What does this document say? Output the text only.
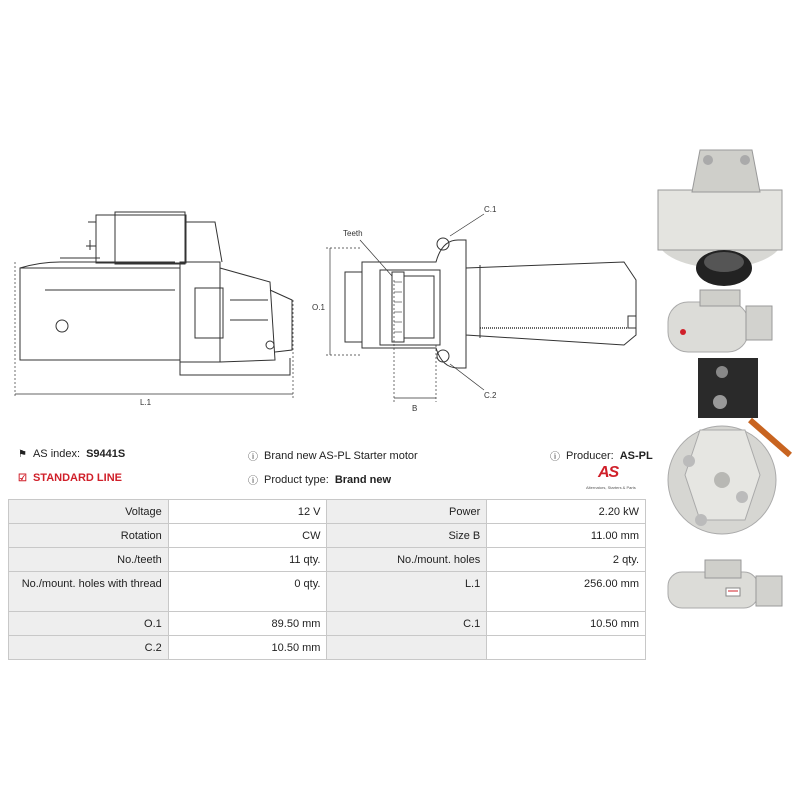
L.1
O.1
C.1
C.2
B
Teeth
⚑ AS index: S9441S	ⓘ Brand new AS-PL Starter motor	ⓘ Producer: AS-PL
☑ STANDARD LINE	ⓘ Product type: Brand new	AS
Alternators, Starters & Parts
Voltage	12 V	Power	2.20 kW
Rotation	CW	Size B	11.00 mm
No./teeth	11 qty.	No./mount. holes	2 qty.
No./mount. holes with thread	0 qty.	L.1	256.00 mm
O.1	89.50 mm	C.1	10.50 mm
C.2	10.50 mm		
